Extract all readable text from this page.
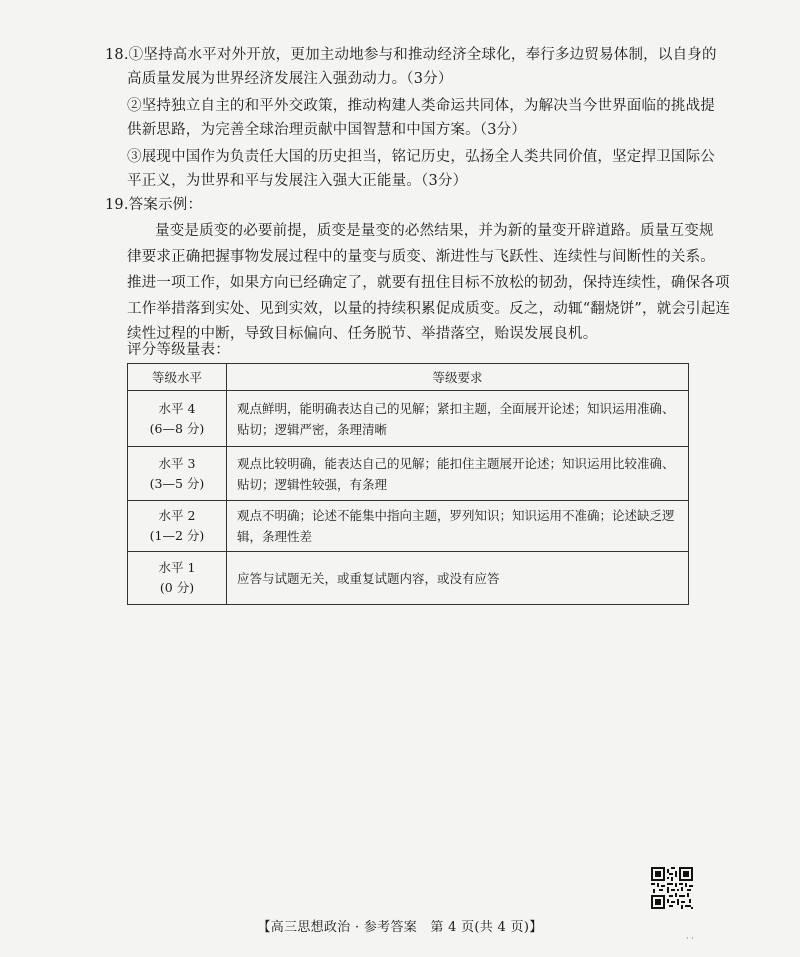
18.①坚持高水平对外开放，更加主动地参与和推动经济全球化，奉行多边贸易体制，以自身的
高质量发展为世界经济发展注入强劲动力。（3分）
②坚持独立自主的和平外交政策，推动构建人类命运共同体，为解决当今世界面临的挑战提
供新思路，为完善全球治理贡献中国智慧和中国方案。（3分）
③展现中国作为负责任大国的历史担当，铭记历史，弘扬全人类共同价值，坚定捍卫国际公
平正义，为世界和平与发展注入强大正能量。（3分）
19.答案示例：
量变是质变的必要前提，质变是量变的必然结果，并为新的量变开辟道路。质量互变规
律要求正确把握事物发展过程中的量变与质变、渐进性与飞跃性、连续性与间断性的关系。
推进一项工作，如果方向已经确定了，就要有扭住目标不放松的韧劲，保持连续性，确保各项
工作举措落到实处、见到实效，以量的持续积累促成质变。反之，动辄“翻烧饼”，就会引起连
续性过程的中断，导致目标偏向、任务脱节、举措落空，贻误发展良机。
评分等级量表：
等级水平	等级要求
水平 4
(6—8 分)	观点鲜明，能明确表达自己的见解；紧扣主题，全面展开论述；知识运用准确、贴切；逻辑严密，条理清晰
水平 3
(3—5 分)	观点比较明确，能表达自己的见解；能扣住主题展开论述；知识运用比较准确、贴切；逻辑性较强，有条理
水平 2
(1—2 分)	观点不明确；论述不能集中指向主题，罗列知识；知识运用不准确；论述缺乏逻辑，条理性差
水平 1
(0 分)	应答与试题无关，或重复试题内容，或没有应答
【高三思想政治 · 参考答案　第 4 页(共 4 页)】
· ·
